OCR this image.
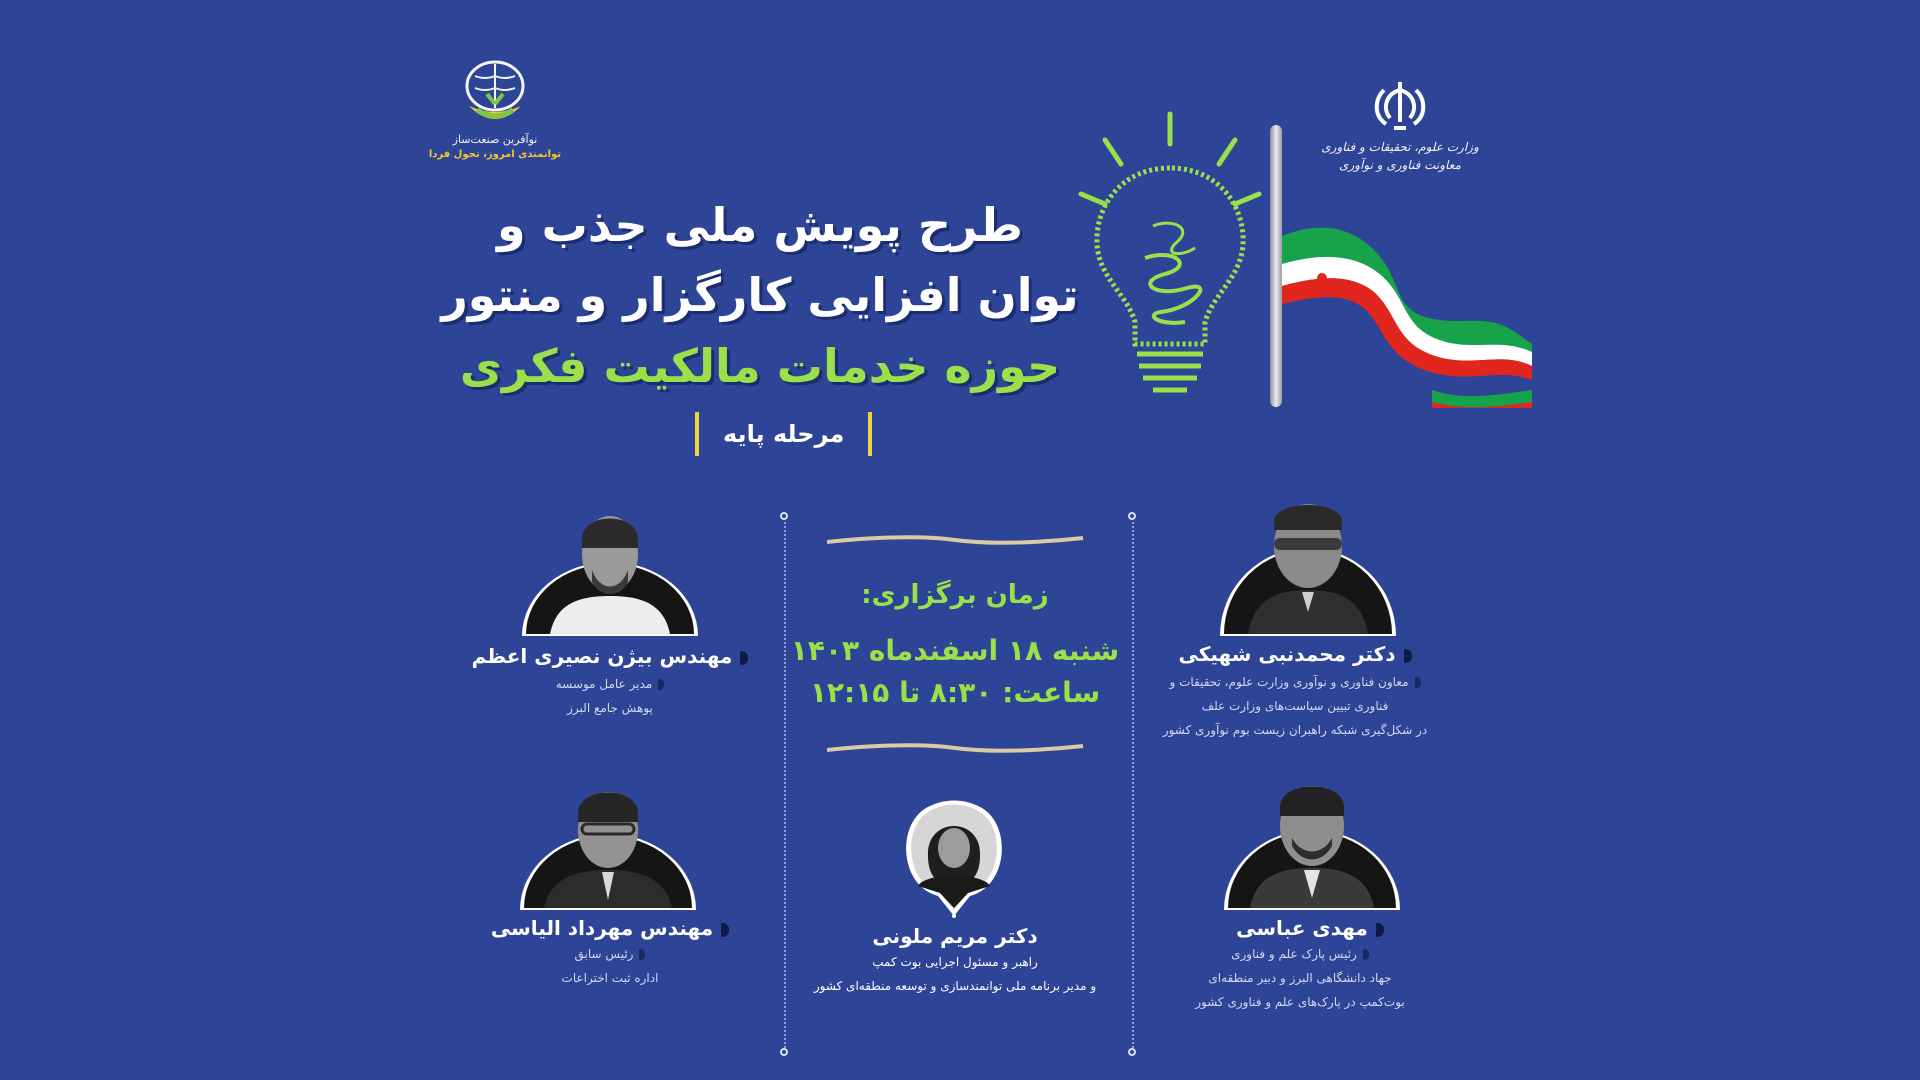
نوآفرین صنعت‌ساز
توانمندی امروز، تحول فردا
وزارت علوم، تحقیقات و فناوری
معاونت فناوری و نوآوری
طرح پویش ملی جذب و
توان افزایی کارگزار و منتور
حوزه خدمات مالکیت فکری
مرحله پایه
زمان برگزاری:
شنبه ۱۸ اسفندماه ۱۴۰۳
ساعت: ۸:۳۰ تا ۱۲:۱۵
دکتر محمدنبی شهیکی
معاون فناوری و نوآوری وزارت علوم، تحقیقات و
فناوری تبیین سیاست‌های وزارت علف
در شکل‌گیری شبکه راهبران زیست بوم نوآوری کشور
مهندس بیژن نصیری اعظم
مدیر عامل موسسه
پوهش جامع البرز
مهدی عباسی
رئیس پارک علم و فناوری
جهاد دانشگاهی البرز و دبیر منطقه‌ای
بوت‌کمپ در پارک‌های علم و فناوری کشور
دکتر مریم ملونی
راهبر و مسئول اجرایی بوت کمپ
و مدیر برنامه ملی توانمندسازی و توسعه منطقه‌ای کشور
مهندس مهرداد الیاسی
رئیس سابق
اداره ثبت اختراعات
